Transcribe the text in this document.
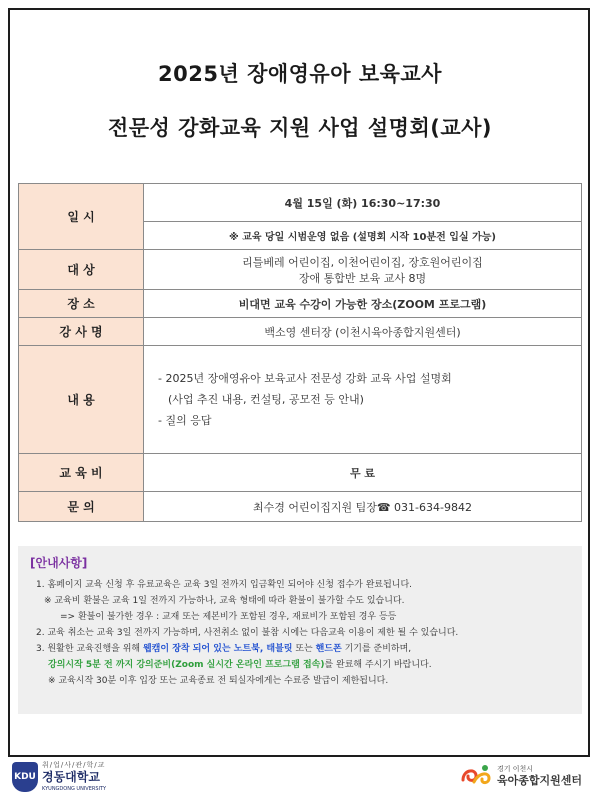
2025년 장애영유아 보육교사
전문성 강화교육 지원 사업 설명회(교사)
일 시	4월 15일 (화) 16:30~17:30
	※ 교육 당일 시범운영 없음 (설명회 시작 10분전 입실 가능)
대 상	리틀베레 어린이집, 이천어린이집, 장호원어린이집
장애 통합반 보육 교사 8명

장 소	비대면 교육 수강이 가능한 장소(ZOOM 프로그램)
강 사 명	백소영 센터장 (이천시육아종합지원센터)
내 용	- 2025년 장애영유아 보육교사 전문성 강화 교육 사업 설명회
(사업 추진 내용, 컨설팅, 공모전 등 안내)
- 질의 응답

교 육 비	무 료
문 의	최수경 어린이집지원 팀장☎ 031-634-9842
[안내사항]
1. 홈페이지 교육 신청 후 유료교육은 교육 3일 전까지 입금확인 되어야 신청 접수가 완료됩니다.
※ 교육비 환불은 교육 1일 전까지 가능하나, 교육 형태에 따라 환불이 불가할 수도 있습니다.
=> 환불이 불가한 경우 : 교재 또는 제본비가 포함된 경우, 재료비가 포함된 경우 등등
2. 교육 취소는 교육 3일 전까지 가능하며, 사전취소 없이 불참 시에는 다음교육 이용이 제한 될 수 있습니다.
3. 원활한 교육진행을 위해 웹캠이 장착 되어 있는 노트북, 태블릿 또는 핸드폰 기기를 준비하며,
강의시작 5분 전 까지 강의준비(Zoom 실시간 온라인 프로그램 접속)를 완료해 주시기 바랍니다.
※ 교육시작 30분 이후 입장 또는 교육종료 전 퇴실자에게는 수료증 발급이 제한됩니다.
KDU
취/업/사/관/학/교
경동대학교
KYUNGDONG UNIVERSITY
경기 이천시
육아종합지원센터
